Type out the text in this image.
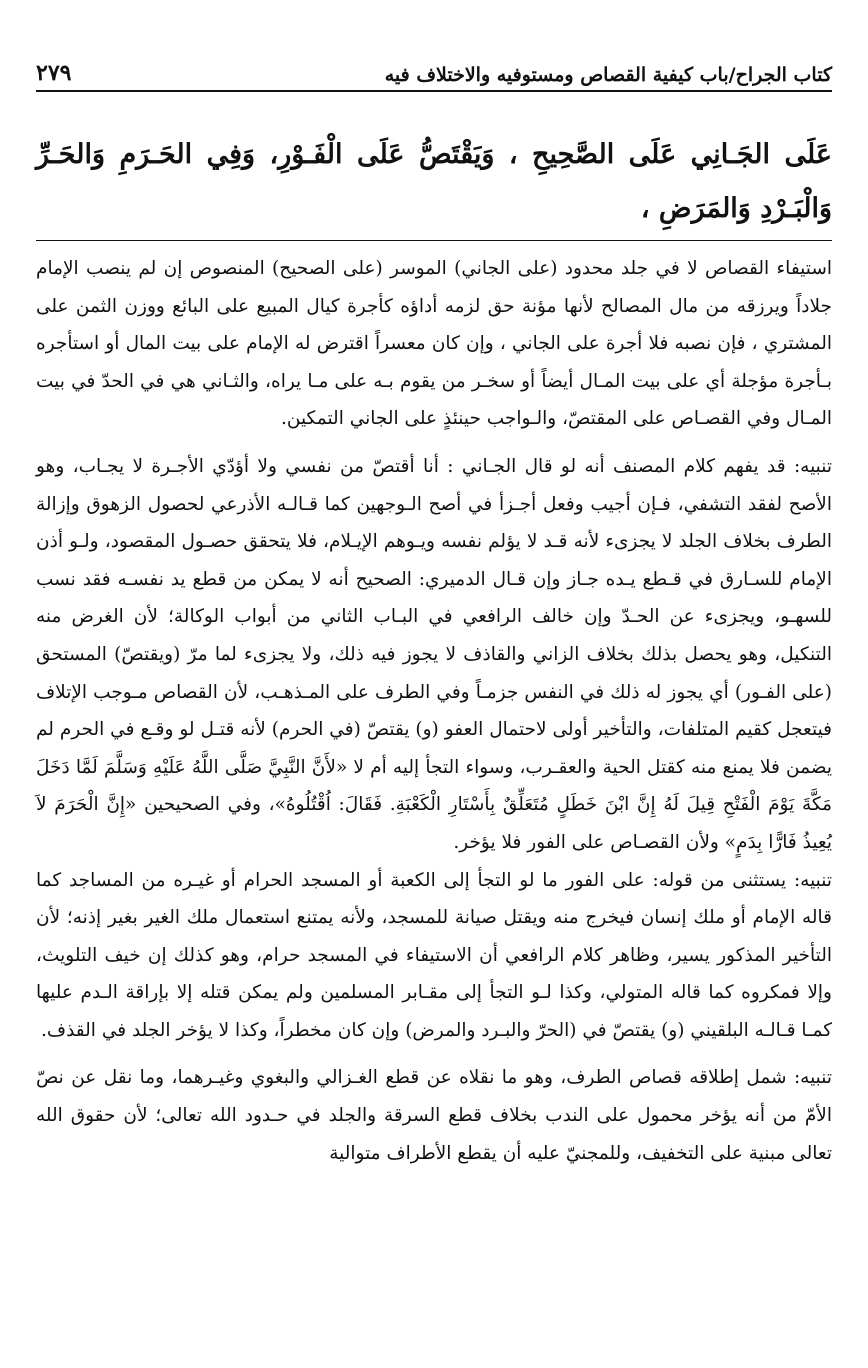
كتاب الجراح/باب كيفية القصاص ومستوفيه والاختلاف فيه
٢٧٩
عَلَى الجَـانِي عَلَى الصَّحِيحِ ، وَيَقْتَصُّ عَلَى الْفَـوْرِ، وَفِي الحَـرَمِ وَالحَـرِّ وَالْبَـرْدِ وَالمَرَضِ ،

استيفاء القصاص لا في جلد محدود (على الجاني) الموسر (على الصحيح) المنصوص إن لم ينصب الإمام جلاداً ويرزقه من مال المصالح لأنها مؤنة حق لزمه أداؤه كأجرة كيال المبيع على البائع ووزن الثمن على المشتري ، فإن نصبه فلا أجرة على الجاني ، وإن كان معسراً اقترض له الإمام على بيت المال أو استأجره بـأجرة مؤجلة أي على بيت المـال أيضاً أو سخـر من يقوم بـه على مـا يراه، والثـاني هي في الحدّ في بيت المـال وفي القصـاص على المقتصّ، والـواجب حينئذٍ على الجاني التمكين.

تنبيه: قد يفهم كلام المصنف أنه لو قال الجـاني : أنا أقتصّ من نفسي ولا أؤدّي الأجـرة لا يجـاب، وهو الأصح لفقد التشفي، فـإن أجيب وفعل أجـزأ في أصح الـوجهين كما قـالـه الأذرعي لحصول الزهوق وإزالة الطرف بخلاف الجلد لا يجزىء لأنه قـد لا يؤلم نفسه ويـوهم الإيـلام، فلا يتحقق حصـول المقصود، ولـو أذن الإمام للسـارق في قـطع يـده جـاز وإن قـال الدميري: الصحيح أنه لا يمكن من قطع يد نفسـه فقد نسب للسهـو، ويجزىء عن الحـدّ وإن خالف الرافعي في البـاب الثاني من أبواب الوكالة؛ لأن الغرض منه التنكيل، وهو يحصل بذلك بخلاف الزاني والقاذف لا يجوز فيه ذلك، ولا يجزىء لما مرّ (ويقتصّ) المستحق (على الفـور) أي يجوز له ذلك في النفس جزمـاً وفي الطرف على المـذهـب، لأن القصاص مـوجب الإتلاف فيتعجل كقيم المتلفات، والتأخير أولى لاحتمال العفو (و) يقتصّ (في الحرم) لأنه قتـل لو وقـع في الحرم لم يضمن فلا يمنع منه كقتل الحية والعقـرب، وسواء التجأ إليه أم لا «لأَنَّ النَّبِيَّ صَلَّى اللَّهُ عَلَيْهِ وَسَلَّمَ لَمَّا دَخَلَ مَكَّةَ يَوْمَ الْفَتْحِ قِيلَ لَهُ إِنَّ ابْنَ خَطَلٍ مُتَعَلِّقٌ بِأَسْتَارِ الْكَعْبَةِ. فَقَالَ: اُقْتُلُوهُ»، وفي الصحيحين «إِنَّ الْحَرَمَ لاَ يُعِيذُ فَارًّا بِدَمٍ» ولأن القصـاص على الفور فلا يؤخر.

تنبيه: يستثنى من قوله: على الفور ما لو التجأ إلى الكعبة أو المسجد الحرام أو غيـره من المساجد كما قاله الإمام أو ملك إنسان فيخرج منه ويقتل صيانة للمسجد، ولأنه يمتنع استعمال ملك الغير بغير إذنه؛ لأن التأخير المذكور يسير، وظاهر كلام الرافعي أن الاستيفاء في المسجد حرام، وهو كذلك إن خيف التلويث، وإلا فمكروه كما قاله المتولي، وكذا لـو التجأ إلى مقـابر المسلمين ولم يمكن قتله إلا بإراقة الـدم عليها كمـا قـالـه البلقيني (و) يقتصّ في (الحرّ والبـرد والمرض) وإن كان مخطراً، وكذا لا يؤخر الجلد في القذف.

تنبيه: شمل إطلاقه قصاص الطرف، وهو ما نقلاه عن قطع الغـزالي والبغوي وغيـرهما، وما نقل عن نصّ الأمّ من أنه يؤخر محمول على الندب بخلاف قطع السرقة والجلد في حـدود الله تعالى؛ لأن حقوق الله تعالى مبنية على التخفيف، وللمجنيّ عليه أن يقطع الأطراف متوالية
